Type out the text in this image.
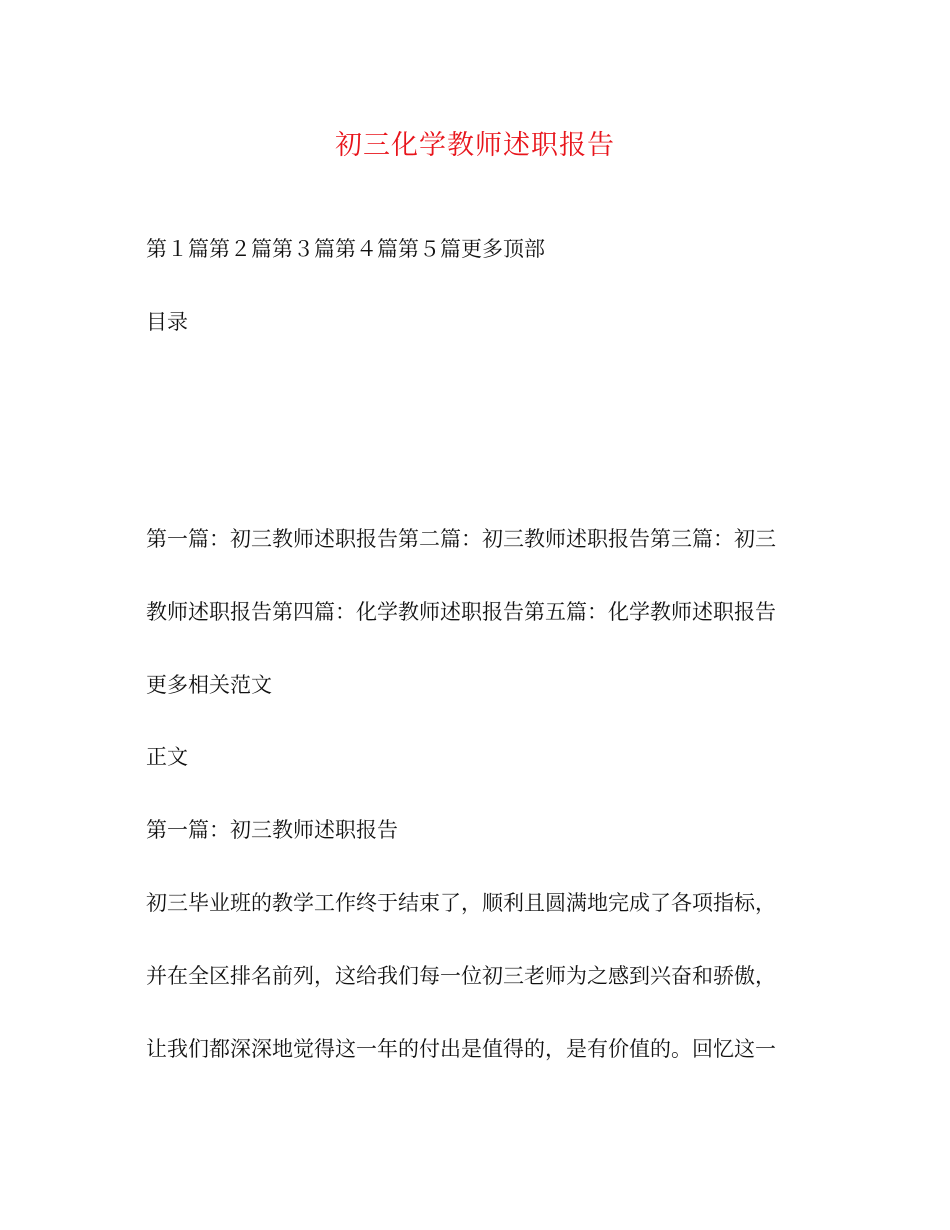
初三化学教师述职报告
第１篇第２篇第３篇第４篇第５篇更多顶部
目录
第一篇：初三教师述职报告第二篇：初三教师述职报告第三篇：初三
教师述职报告第四篇：化学教师述职报告第五篇：化学教师述职报告
更多相关范文
正文
第一篇：初三教师述职报告
初三毕业班的教学工作终于结束了，顺利且圆满地完成了各项指标，
并在全区排名前列，这给我们每一位初三老师为之感到兴奋和骄傲，
让我们都深深地觉得这一年的付出是值得的，是有价值的。回忆这一
